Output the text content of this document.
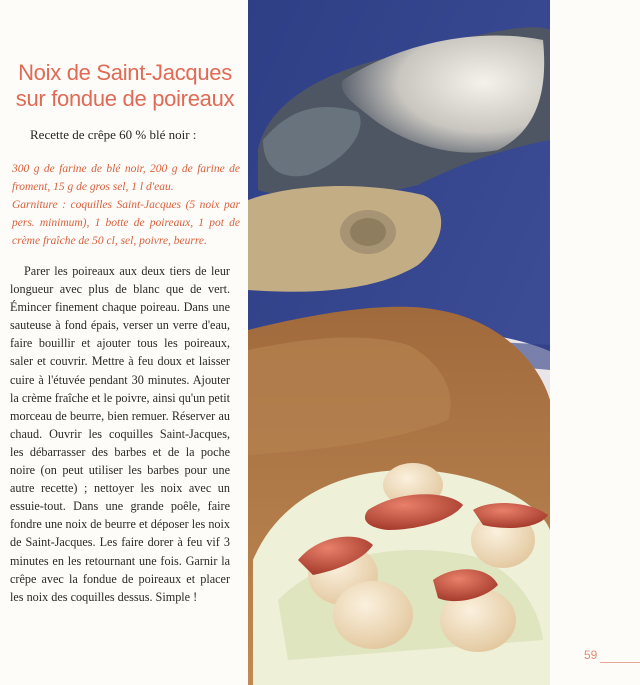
Noix de Saint-Jacques
sur fondue de poireaux
Recette de crêpe 60 % blé noir :

300 g de farine de blé noir, 200 g de farine de froment, 15 g de gros sel, 1 l d'eau.

Garniture : coquilles Saint-Jacques (5 noix par pers. minimum), 1 botte de poireaux, 1 pot de crème fraîche de 50 cl, sel, poivre, beurre.

Parer les poireaux aux deux tiers de leur longueur avec plus de blanc que de vert. Émincer finement chaque poireau. Dans une sauteuse à fond épais, verser un verre d'eau, faire bouillir et ajouter tous les poireaux, saler et couvrir. Mettre à feu doux et laisser cuire à l'étuvée pendant 30 minutes. Ajouter la crème fraîche et le poivre, ainsi qu'un petit morceau de beurre, bien remuer. Réserver au chaud. Ouvrir les coquilles Saint-Jacques, les débarrasser des barbes et de la poche noire (on peut utiliser les barbes pour une autre recette) ; nettoyer les noix avec un essuie-tout. Dans une grande poêle, faire fondre une noix de beurre et déposer les noix de Saint-Jacques. Les faire dorer à feu vif 3 minutes en les retournant une fois. Garnir la crêpe avec la fondue de poireaux et placer les noix des coquilles dessus. Simple !

59
